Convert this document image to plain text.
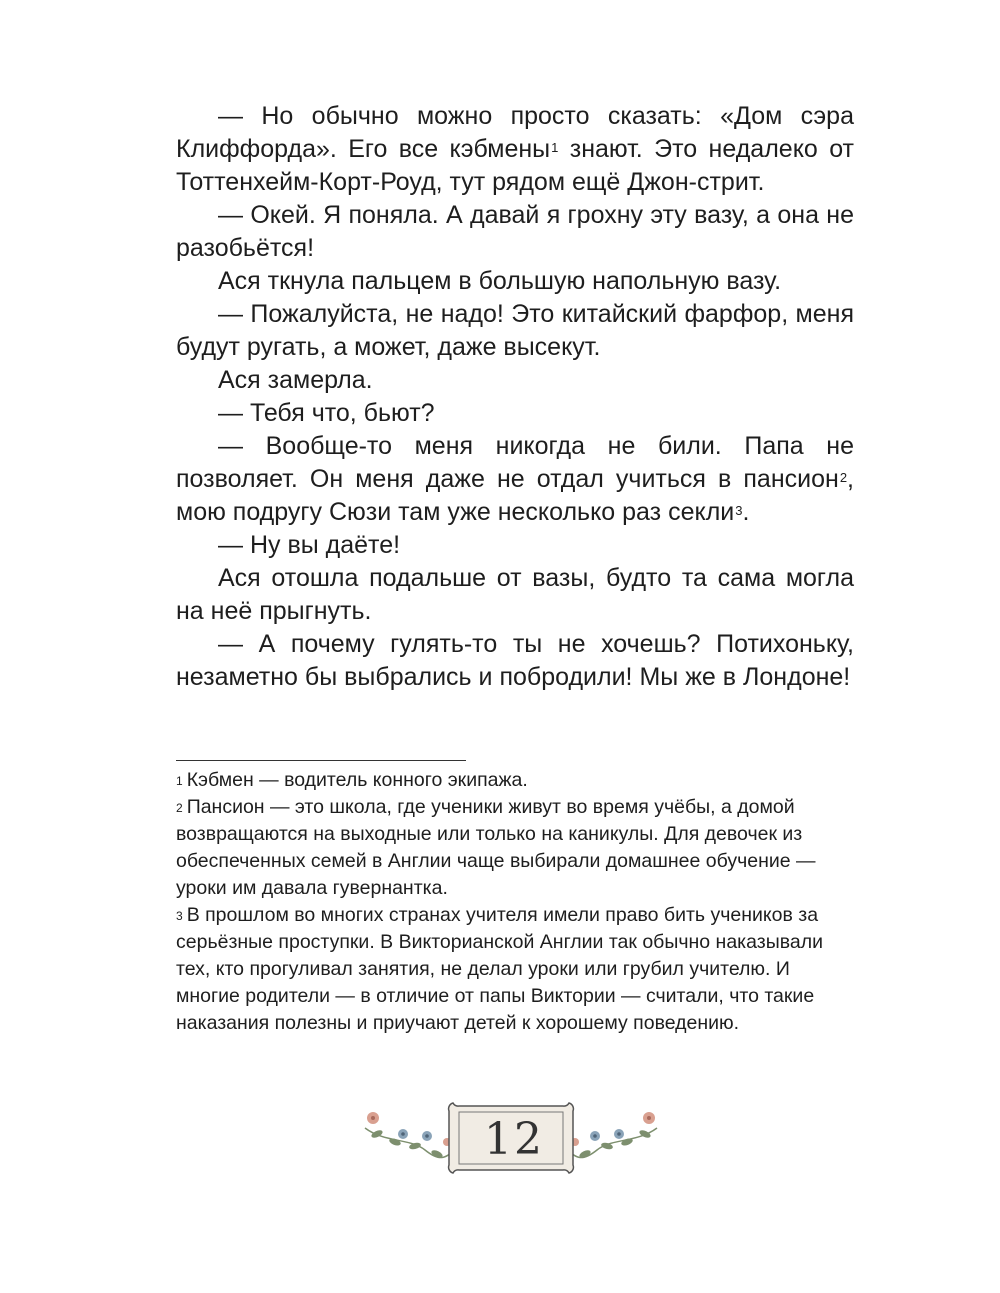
— Но обычно можно просто сказать: «Дом сэра Клиффорда». Его все кэбмены$^1$ знают. Это недалеко от Тоттенхейм-Корт-Роуд, тут рядом ещё Джон-стрит.

— Окей. Я поняла. А давай я грохну эту вазу, а она не разобьётся!

Ася ткнула пальцем в большую напольную вазу.

— Пожалуйста, не надо! Это китайский фарфор, меня будут ругать, а может, даже высекут.

Ася замерла.

— Тебя что, бьют?

— Вообще-то меня никогда не били. Папа не позволяет. Он меня даже не отдал учиться в пансион$^2$, мою подругу Сюзи там уже несколько раз секли$^3$.

— Ну вы даёте!

Ася отошла подальше от вазы, будто та сама могла на неё прыгнуть.

— А почему гулять-то ты не хочешь? Потихоньку, незаметно бы выбрались и побродили! Мы же в Лондоне!

$^1$ Кэбмен — водитель конного экипажа.

$^2$ Пансион — это школа, где ученики живут во время учёбы, а домой возвращаются на выходные или только на каникулы. Для девочек из обеспеченных семей в Англии чаще выбирали домашнее обучение — уроки им давала гувернантка.

$^3$ В прошлом во многих странах учителя имели право бить учеников за серьёзные проступки. В Викторианской Англии так обычно наказывали тех, кто прогуливал занятия, не делал уроки или грубил учителю. И многие родители — в отличие от папы Виктории — считали, что такие наказания полезны и приучают детей к хорошему поведению.

12
